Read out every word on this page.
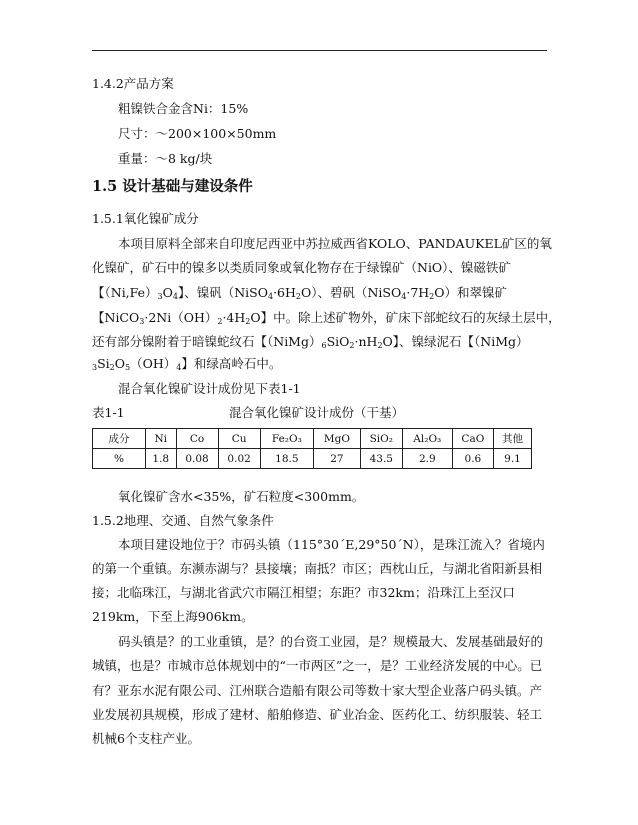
1.4.2产品方案
粗镍铁合金含Ni：15%
尺寸：～200×100×50mm
重量：～8 kg/块
1.5 设计基础与建设条件
1.5.1氧化镍矿成分
本项目原料全部来自印度尼西亚中苏拉威西省KOLO、PANDAUKEL矿区的氧
化镍矿，矿石中的镍多以类质同象或氧化物存在于绿镍矿（NiO）、镍磁铁矿
【$(Ni,Fe)_3O_4$】、镍矾$(NiSO_4\cdot 6H_2O)$、碧矾$(NiSO_4\cdot 7H_2O)$和翠镍矿
【$NiCO_3\cdot 2Ni(OH)_2\cdot 4H_2O$】中。除上述矿物外，矿床下部蛇纹石的灰绿土层中，
还有部分镍附着于暗镍蛇纹石【$(NiMg)_6SiO_2\cdot nH_2O$】、镍绿泥石【（NiMg）
$_3Si_2O_5(OH)_4$】和绿高岭石中。
混合氧化镍矿设计成份见下表1-1
表1-1	混合氧化镍矿设计成份（干基）
成分	Ni	Co	Cu	Fe₂O₃	MgO	SiO₂	Al₂O₃	CaO	其他
%	1.8	0.08	0.02	18.5	27	43.5	2.9	0.6	9.1
氧化镍矿含水<35%，矿石粒度<300mm。
1.5.2地理、交通、自然气象条件
本项目建设地位于？市码头镇（115°30ˊE,29°50ˊN），是珠江流入？省境内
的第一个重镇。东濒赤湖与？县接壤；南抵？市区；西枕山丘，与湖北省阳新县相
接；北临珠江，与湖北省武穴市隔江相望；东距？市32km；沿珠江上至汉口
219km，下至上海906km。
码头镇是？的工业重镇，是？的台资工业园，是？规模最大、发展基础最好的
城镇，也是？市城市总体规划中的“一市两区”之一，是？工业经济发展的中心。已
有？亚东水泥有限公司、江州联合造船有限公司等数十家大型企业落户码头镇。产
业发展初具规模，形成了建材、船舶修造、矿业冶金、医药化工、纺织服装、轻工
机械6个支柱产业。
